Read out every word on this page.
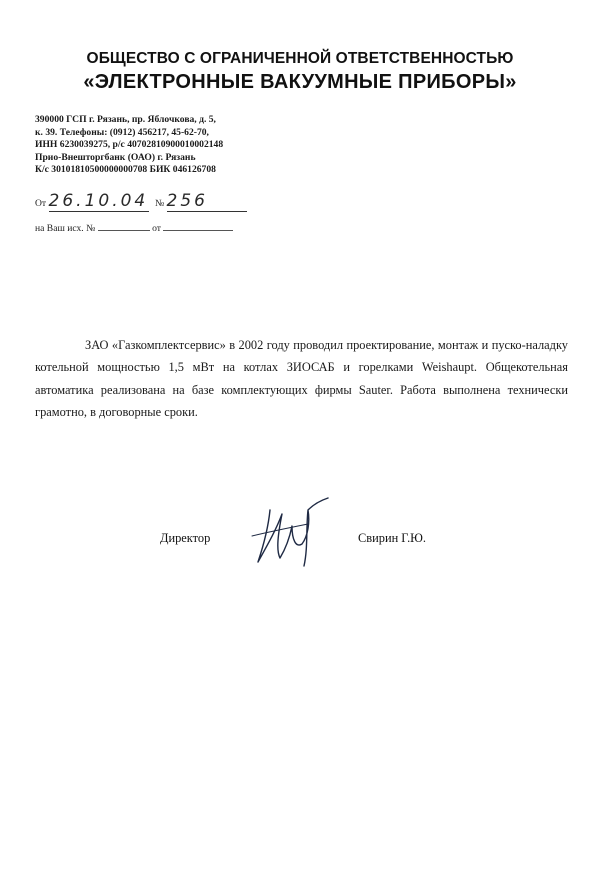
ОБЩЕСТВО С ОГРАНИЧЕННОЙ ОТВЕТСТВЕННОСТЬЮ
«ЭЛЕКТРОННЫЕ ВАКУУМНЫЕ ПРИБОРЫ»
390000 ГСП г. Рязань, пр. Яблочкова, д. 5,
к. 39. Телефоны: (0912) 456217, 45-62-70,
ИНН 6230039275, р/с 40702810900010002148
Прио-Внешторгбанк (ОАО) г. Рязань
К/с 30101810500000000708 БИК 046126708
От 26.10.04 № 256
на Ваш исх. №	от
ЗАО «Газкомплектсервис» в 2002 году проводил проектирование, монтаж и пуско-наладку котельной мощностью 1,5 мВт на котлах ЗИОСАБ и горелками Weishaupt. Общекотельная автоматика реализована на базе комплектующих фирмы Sauter. Работа выполнена технически грамотно, в договорные сроки.
Директор	Свирин Г.Ю.
